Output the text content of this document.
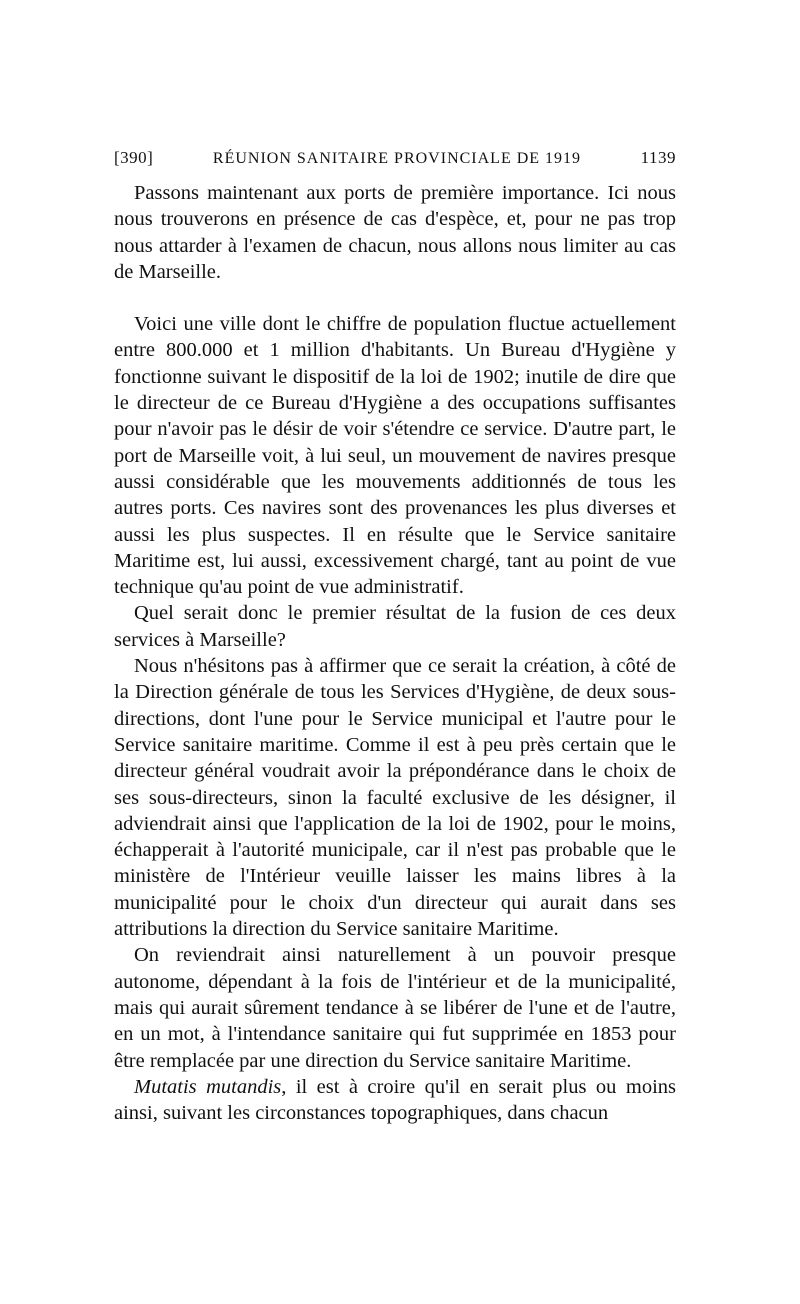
[390]	RÉUNION SANITAIRE PROVINCIALE DE 1919	1139

Passons maintenant aux ports de première importance. Ici nous nous trouverons en présence de cas d'espèce, et, pour ne pas trop nous attarder à l'examen de chacun, nous allons nous limiter au cas de Marseille.

Voici une ville dont le chiffre de population fluctue actuellement entre 800.000 et 1 million d'habitants. Un Bureau d'Hygiène y fonctionne suivant le dispositif de la loi de 1902; inutile de dire que le directeur de ce Bureau d'Hygiène a des occupations suffisantes pour n'avoir pas le désir de voir s'étendre ce service. D'autre part, le port de Marseille voit, à lui seul, un mouvement de navires presque aussi considérable que les mouvements additionnés de tous les autres ports. Ces navires sont des provenances les plus diverses et aussi les plus suspectes. Il en résulte que le Service sanitaire Maritime est, lui aussi, excessivement chargé, tant au point de vue technique qu'au point de vue administratif.

Quel serait donc le premier résultat de la fusion de ces deux services à Marseille?

Nous n'hésitons pas à affirmer que ce serait la création, à côté de la Direction générale de tous les Services d'Hygiène, de deux sous-directions, dont l'une pour le Service municipal et l'autre pour le Service sanitaire maritime. Comme il est à peu près certain que le directeur général voudrait avoir la prépondérance dans le choix de ses sous-directeurs, sinon la faculté exclusive de les désigner, il adviendrait ainsi que l'application de la loi de 1902, pour le moins, échapperait à l'autorité municipale, car il n'est pas probable que le ministère de l'Intérieur veuille laisser les mains libres à la municipalité pour le choix d'un directeur qui aurait dans ses attributions la direction du Service sanitaire Maritime.

On reviendrait ainsi naturellement à un pouvoir presque autonome, dépendant à la fois de l'intérieur et de la municipalité, mais qui aurait sûrement tendance à se libérer de l'une et de l'autre, en un mot, à l'intendance sanitaire qui fut supprimée en 1853 pour être remplacée par une direction du Service sanitaire Maritime.

Mutatis mutandis, il est à croire qu'il en serait plus ou moins ainsi, suivant les circonstances topographiques, dans chacun
